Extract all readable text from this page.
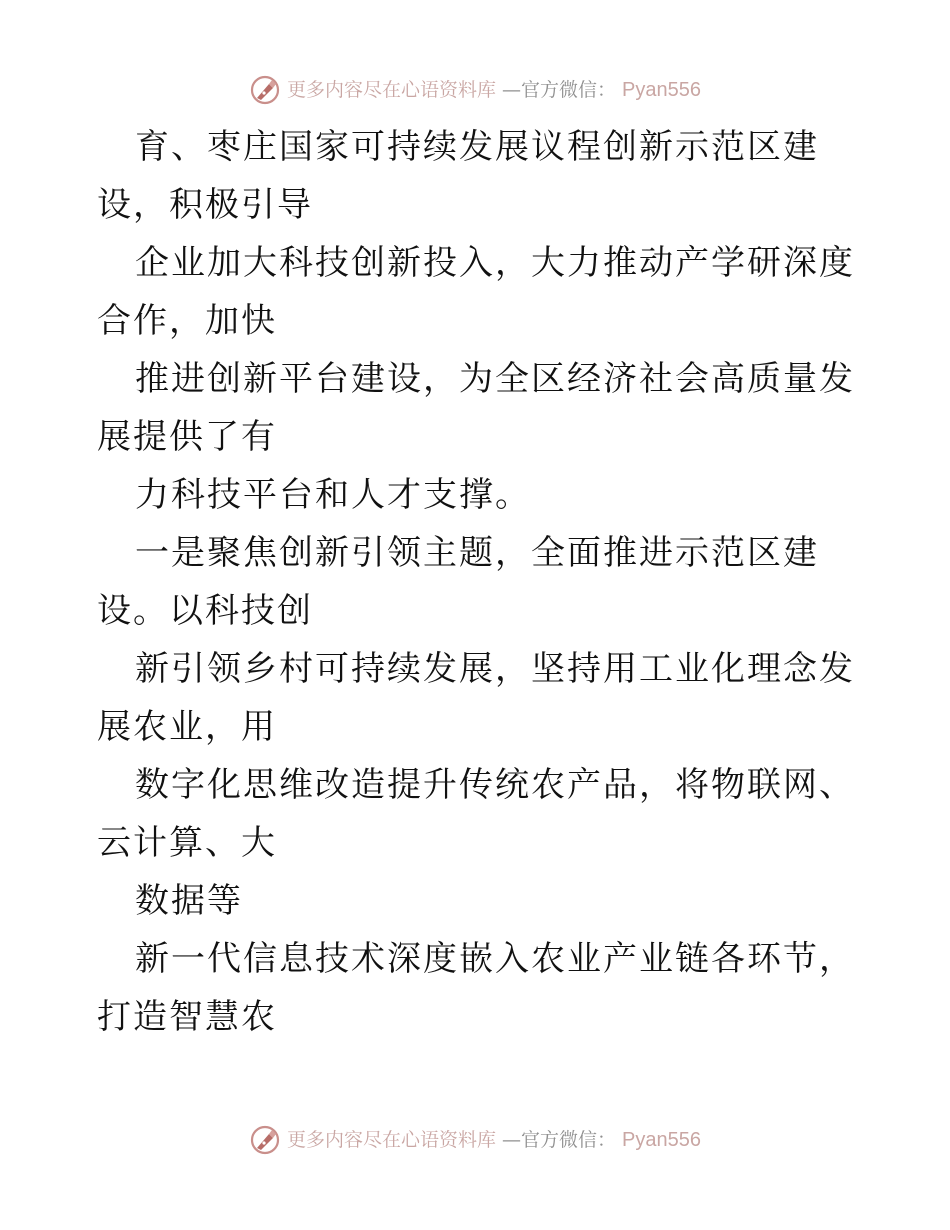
更多内容尽在心语资料库 —官方微信： Pyan556

育、枣庄国家可持续发展议程创新示范区建设，积极引导

企业加大科技创新投入，大力推动产学研深度合作，加快

推进创新平台建设，为全区经济社会高质量发展提供了有

力科技平台和人才支撑。

一是聚焦创新引领主题，全面推进示范区建设。以科技创

新引领乡村可持续发展，坚持用工业化理念发展农业，用

数字化思维改造提升传统农产品，将物联网、云计算、大

数据等

新一代信息技术深度嵌入农业产业链各环节，打造智慧农

更多内容尽在心语资料库 —官方微信： Pyan556
